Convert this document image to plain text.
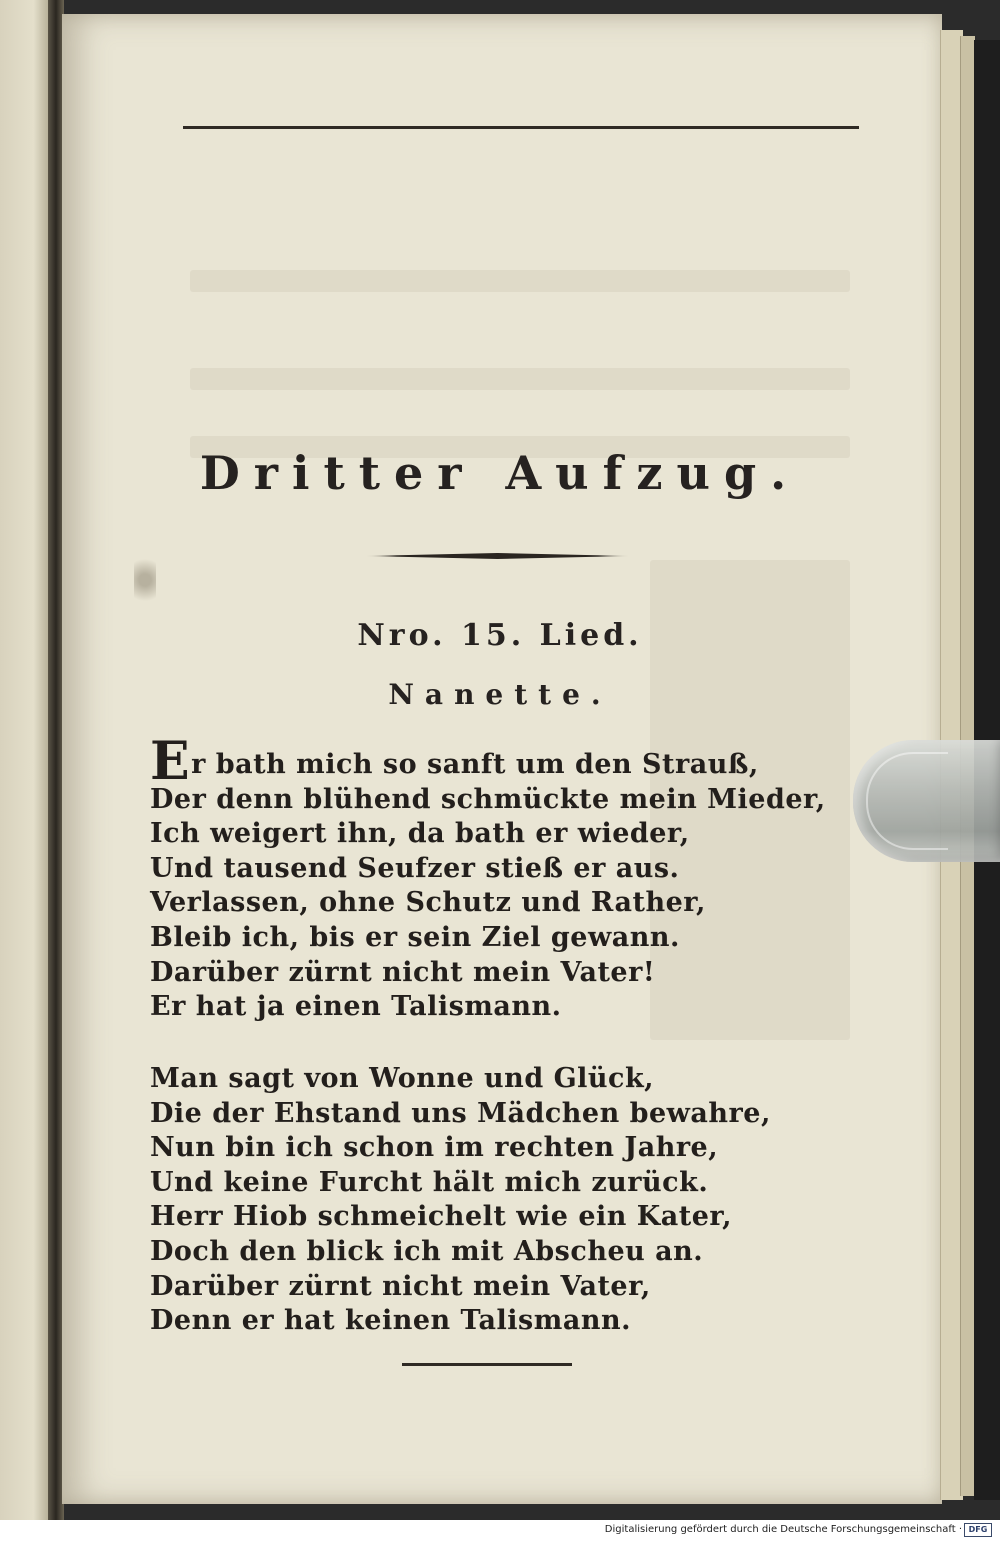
Dritter Aufzug.
Nro. 15. Lied.
Nanette.
Er bath mich so sanft um den Strauß,
Der denn blühend schmückte mein Mieder,
Ich weigert ihn, da bath er wieder,
Und tausend Seufzer stieß er aus.
Verlassen, ohne Schutz und Rather,
Bleib ich, bis er sein Ziel gewann.
Darüber zürnt nicht mein Vater!
Er hat ja einen Talismann.
Man sagt von Wonne und Glück,
Die der Ehstand uns Mädchen bewahre,
Nun bin ich schon im rechten Jahre,
Und keine Furcht hält mich zurück.
Herr Hiob schmeichelt wie ein Kater,
Doch den blick ich mit Abscheu an.
Darüber zürnt nicht mein Vater,
Denn er hat keinen Talismann.
Digitalisierung gefördert durch die Deutsche Forschungsgemeinschaft · DFG
